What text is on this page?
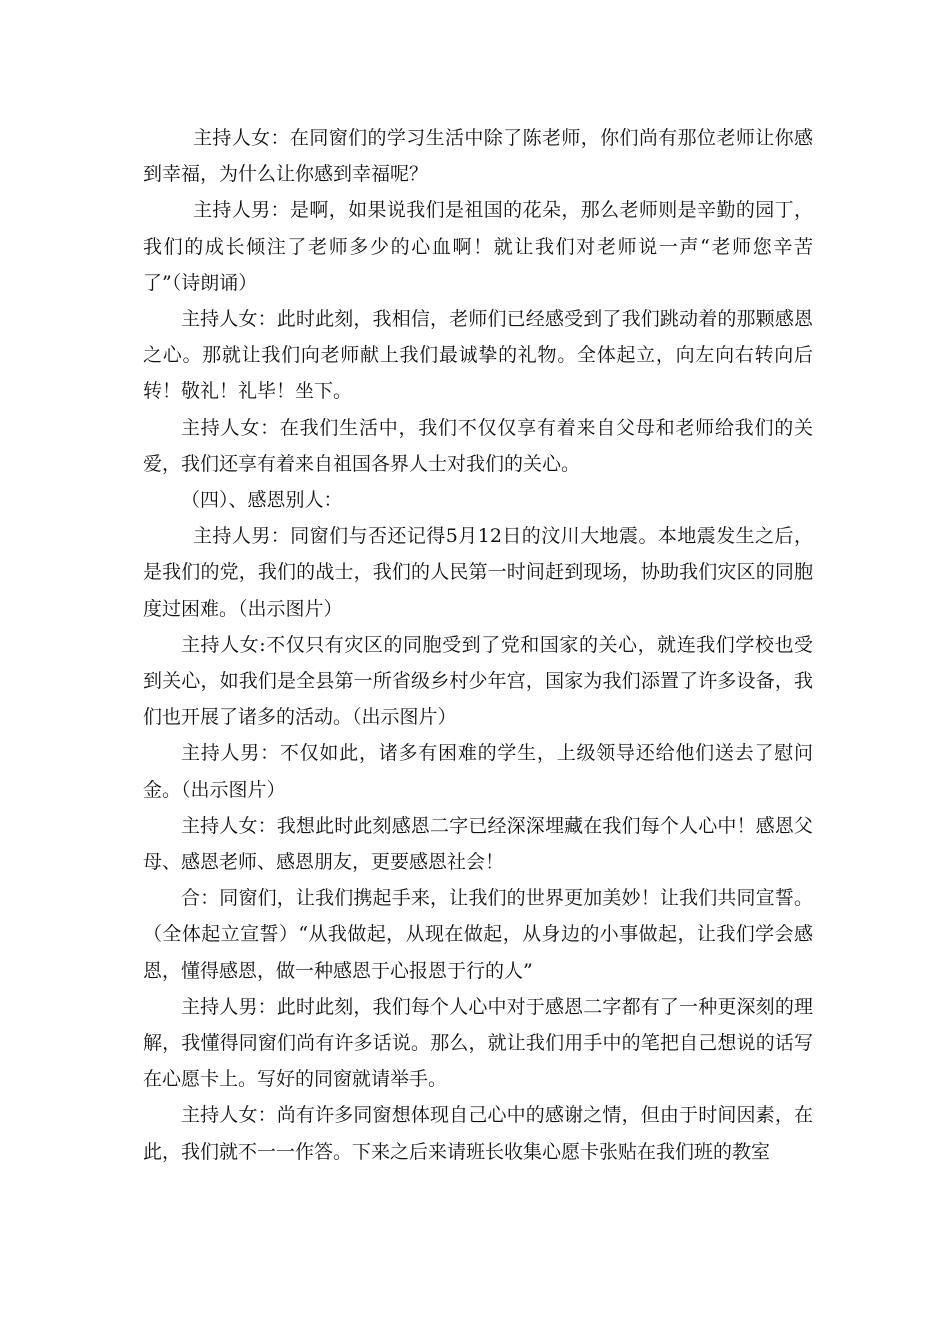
主持人女：在同窗们的学习生活中除了陈老师，你们尚有那位老师让你感到幸福，为什么让你感到幸福呢？

主持人男：是啊，如果说我们是祖国的花朵，那么老师则是辛勤的园丁，我们的成长倾注了老师多少的心血啊！就让我们对老师说一声“老师您辛苦了”（诗朗诵）

主持人女：此时此刻，我相信，老师们已经感受到了我们跳动着的那颗感恩之心。那就让我们向老师献上我们最诚挚的礼物。全体起立，向左向右转向后转！敬礼！礼毕！坐下。

主持人女：在我们生活中，我们不仅仅享有着来自父母和老师给我们的关爱，我们还享有着来自祖国各界人士对我们的关心。

（四）、感恩别人：

主持人男：同窗们与否还记得5月12日的汶川大地震。本地震发生之后，是我们的党，我们的战士，我们的人民第一时间赶到现场，协助我们灾区的同胞度过困难。（出示图片）

主持人女:不仅只有灾区的同胞受到了党和国家的关心，就连我们学校也受到关心，如我们是全县第一所省级乡村少年宫，国家为我们添置了许多设备，我们也开展了诸多的活动。（出示图片）

主持人男：不仅如此，诸多有困难的学生，上级领导还给他们送去了慰问金。（出示图片）

主持人女：我想此时此刻感恩二字已经深深埋藏在我们每个人心中！感恩父母、感恩老师、感恩朋友，更要感恩社会！

合：同窗们，让我们携起手来，让我们的世界更加美妙！让我们共同宣誓。（全体起立宣誓）“从我做起，从现在做起，从身边的小事做起，让我们学会感恩，懂得感恩，做一种感恩于心报恩于行的人”

主持人男：此时此刻，我们每个人心中对于感恩二字都有了一种更深刻的理解，我懂得同窗们尚有许多话说。那么，就让我们用手中的笔把自己想说的话写在心愿卡上。写好的同窗就请举手。

主持人女：尚有许多同窗想体现自己心中的感谢之情，但由于时间因素，在此，我们就不一一作答。下来之后来请班长收集心愿卡张贴在我们班的教室
